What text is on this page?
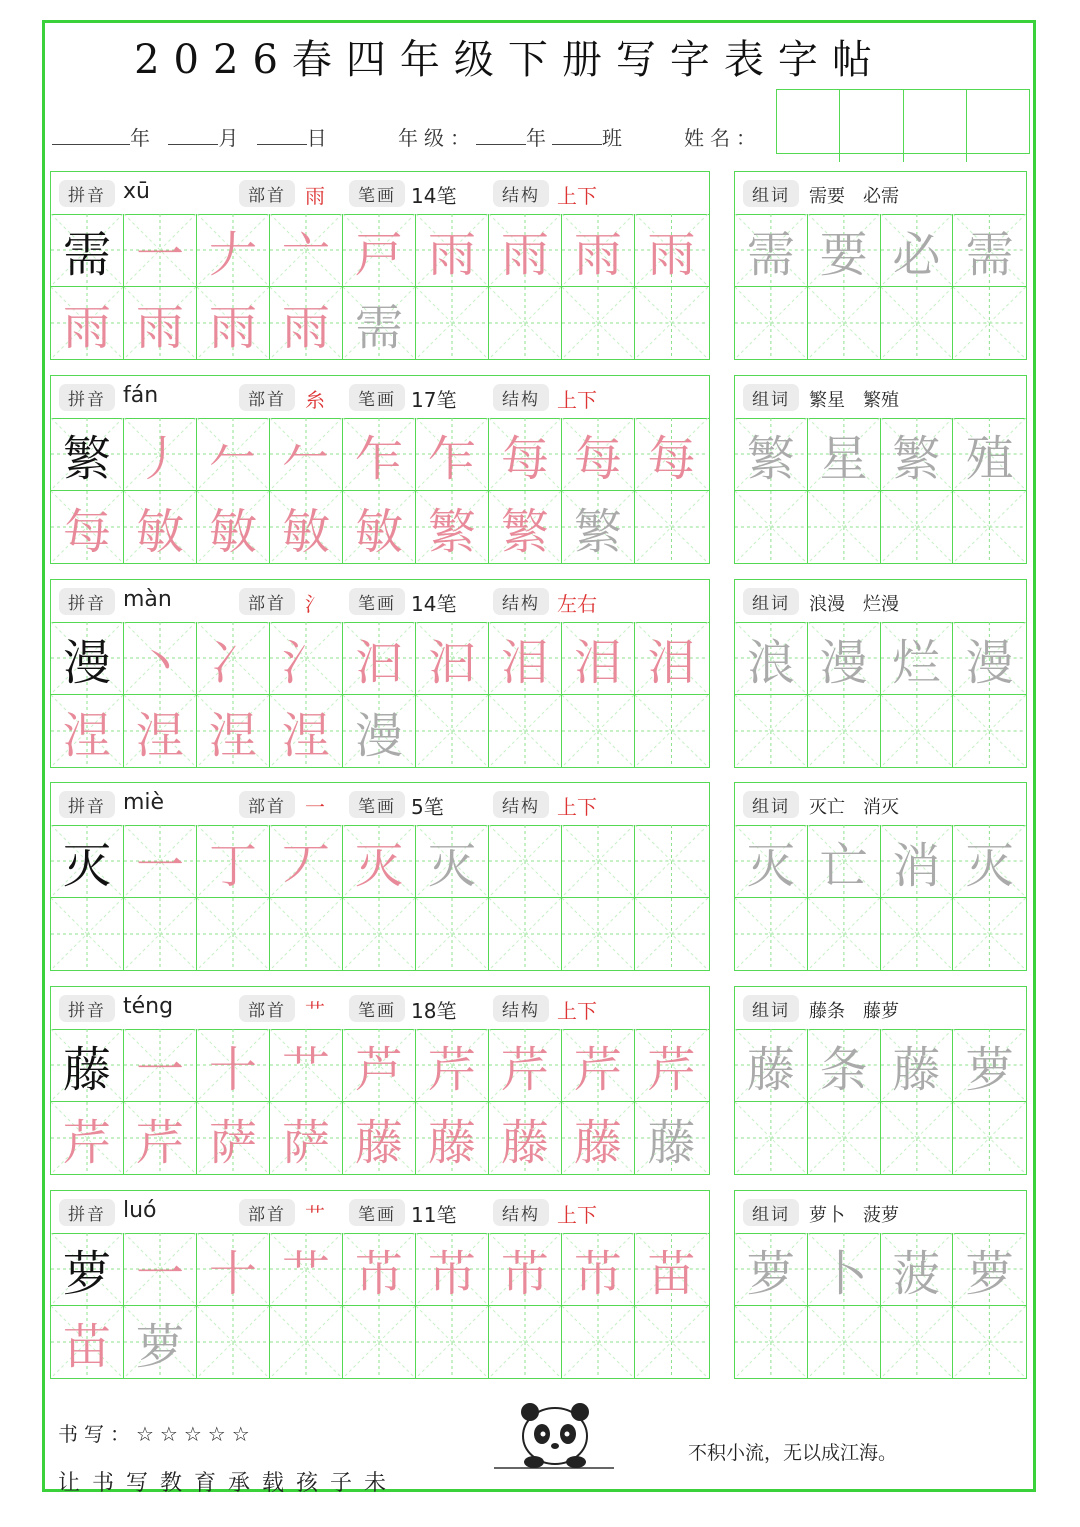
2026春四年级下册写字表字帖
年	月	日	年级：	年	班	姓名：
拼音 xū	部首 雨	笔画 14笔	结构 上下
需 一 𠂇 亠 戸 雨 雨 雨 雨
雨 雨 雨 雨 需
组词	需要　必需
需 要 必 需
拼音 fán	部首 糸	笔画 17笔	结构 上下
繁 丿 𠂉 𠂉 乍 乍 每 每 每
每 敏 敏 敏 敏 繁 繁 繁
组词	繁星　繁殖
繁 星 繁 殖
拼音 màn	部首 氵	笔画 14笔	结构 左右
漫 丶 冫 氵 汩 汩 泪 泪 泪
涅 涅 涅 涅 漫
组词	浪漫　烂漫
浪 漫 烂 漫
拼音 miè	部首 一	笔画 5笔	结构 上下
灭 一 丁 丆 灭 灭
组词	灭亡　消灭
灭 亡 消 灭
拼音 téng	部首 艹	笔画 18笔	结构 上下
藤 一 十 艹 芦 芹 芹 芹 芹
芹 芹 萨 萨 藤 藤 藤 藤 藤
组词	藤条　藤萝
藤 条 藤 萝
拼音 luó	部首 艹	笔画 11笔	结构 上下
萝 一 十 艹 芇 芇 芇 芇 苗
苗 萝
组词	萝卜　菠萝
萝 卜 菠 萝
书写：☆☆☆☆☆
让书写教育承载孩子未
不积小流，无以成江海。
